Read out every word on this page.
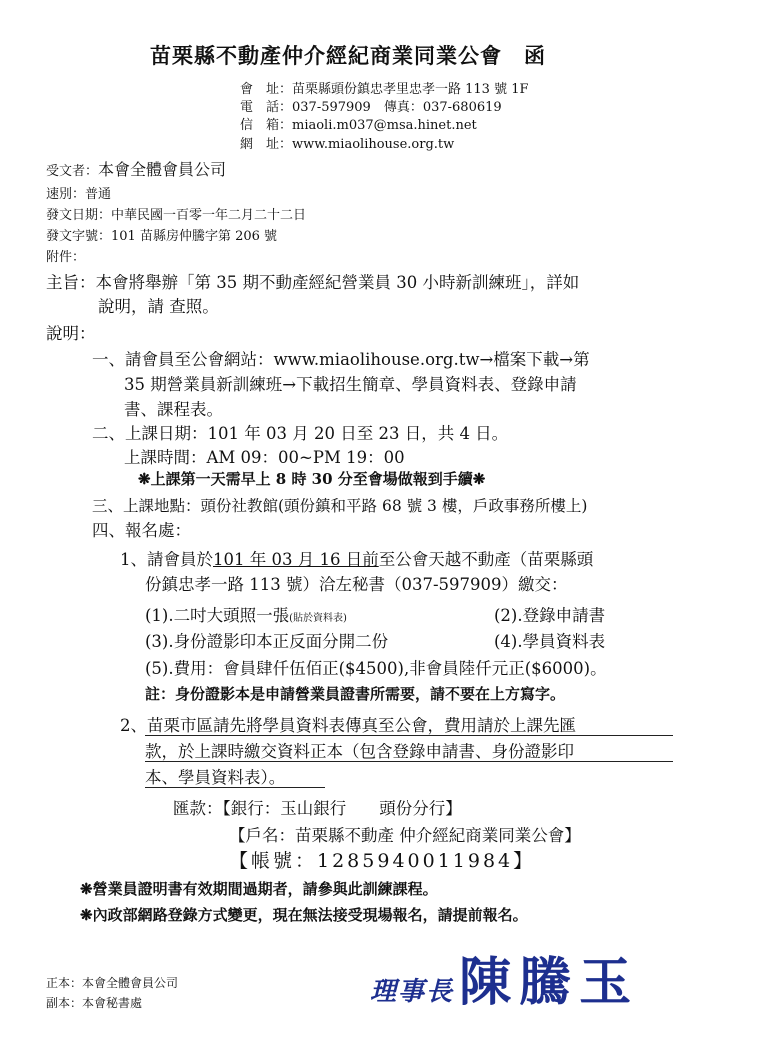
苗栗縣不動產仲介經紀商業同業公會　函
會　址：苗栗縣頭份鎮忠孝里忠孝一路 113 號 1F
電　話：037-597909　傳真：037-680619
信　箱：miaoli.m037@msa.hinet.net
網　址：www.miaolihouse.org.tw
受文者：本會全體會員公司
速別：普通
發文日期：中華民國一百零一年二月二十二日
發文字號：101 苗縣房仲騰字第 206 號
附件：
主旨：本會將舉辦「第 35 期不動產經紀營業員 30 小時新訓練班」，詳如
說明，請 查照。
說明：
一、請會員至公會網站：www.miaolihouse.org.tw→檔案下載→第
35 期營業員新訓練班→下載招生簡章、學員資料表、登錄申請
書、課程表。
二、上課日期：101 年 03 月 20 日至 23 日，共 4 日。
上課時間：AM 09：00~PM 19：00
❋上課第一天需早上 8 時 30 分至會場做報到手續❋
三、上課地點：頭份社教館(頭份鎮和平路 68 號 3 樓，戶政事務所樓上)
四、報名處：
1、請會員於101 年 03 月 16 日前至公會天越不動產（苗栗縣頭
份鎮忠孝一路 113 號）洽左秘書（037-597909）繳交：
(1).二吋大頭照一張(貼於資料表)	(2).登錄申請書
(3).身份證影印本正反面分開二份	(4).學員資料表
(5).費用：會員肆仟伍佰正($4500),非會員陸仟元正($6000)。
註：身份證影本是申請營業員證書所需要，請不要在上方寫字。
2、苗栗市區請先將學員資料表傳真至公會，費用請於上課先匯
款，於上課時繳交資料正本（包含登錄申請書、身份證影印
本、學員資料表）。
匯款：【銀行：玉山銀行　　頭份分行】
【戶名：苗栗縣不動產 仲介經紀商業同業公會】
【帳號：1285940011984】
❋營業員證明書有效期間過期者，請參與此訓練課程。
❋內政部網路登錄方式變更，現在無法接受現場報名，請提前報名。
理事長 陳騰玉
正本：本會全體會員公司
副本：本會秘書處
